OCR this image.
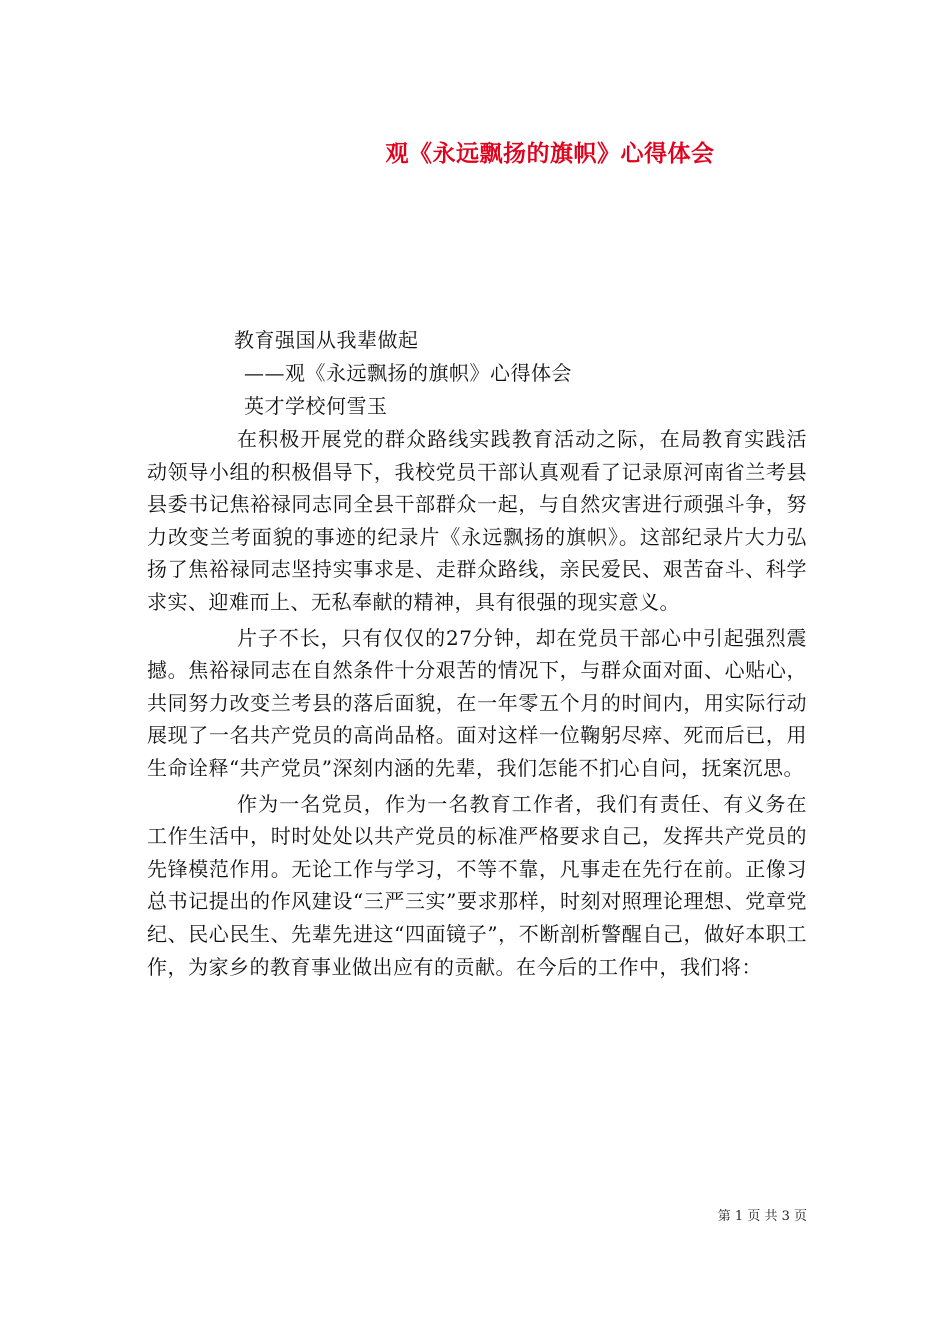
观《永远飘扬的旗帜》心得体会
教育强国从我辈做起
——观《永远飘扬的旗帜》心得体会
英才学校何雪玉

在积极开展党的群众路线实践教育活动之际，在局教育实践活动领导小组的积极倡导下，我校党员干部认真观看了记录原河南省兰考县县委书记焦裕禄同志同全县干部群众一起，与自然灾害进行顽强斗争，努力改变兰考面貌的事迹的纪录片《永远飘扬的旗帜》。这部纪录片大力弘扬了焦裕禄同志坚持实事求是、走群众路线，亲民爱民、艰苦奋斗、科学求实、迎难而上、无私奉献的精神，具有很强的现实意义。

片子不长，只有仅仅的27分钟，却在党员干部心中引起强烈震撼。焦裕禄同志在自然条件十分艰苦的情况下，与群众面对面、心贴心，共同努力改变兰考县的落后面貌，在一年零五个月的时间内，用实际行动展现了一名共产党员的高尚品格。面对这样一位鞠躬尽瘁、死而后已，用生命诠释“共产党员”深刻内涵的先辈，我们怎能不扪心自问，抚案沉思。

作为一名党员，作为一名教育工作者，我们有责任、有义务在工作生活中，时时处处以共产党员的标准严格要求自己，发挥共产党员的先锋模范作用。无论工作与学习，不等不靠，凡事走在先行在前。正像习总书记提出的作风建设“三严三实”要求那样，时刻对照理论理想、党章党纪、民心民生、先辈先进这“四面镜子”，不断剖析警醒自己，做好本职工作，为家乡的教育事业做出应有的贡献。在今后的工作中，我们将：

第 1 页 共 3 页
